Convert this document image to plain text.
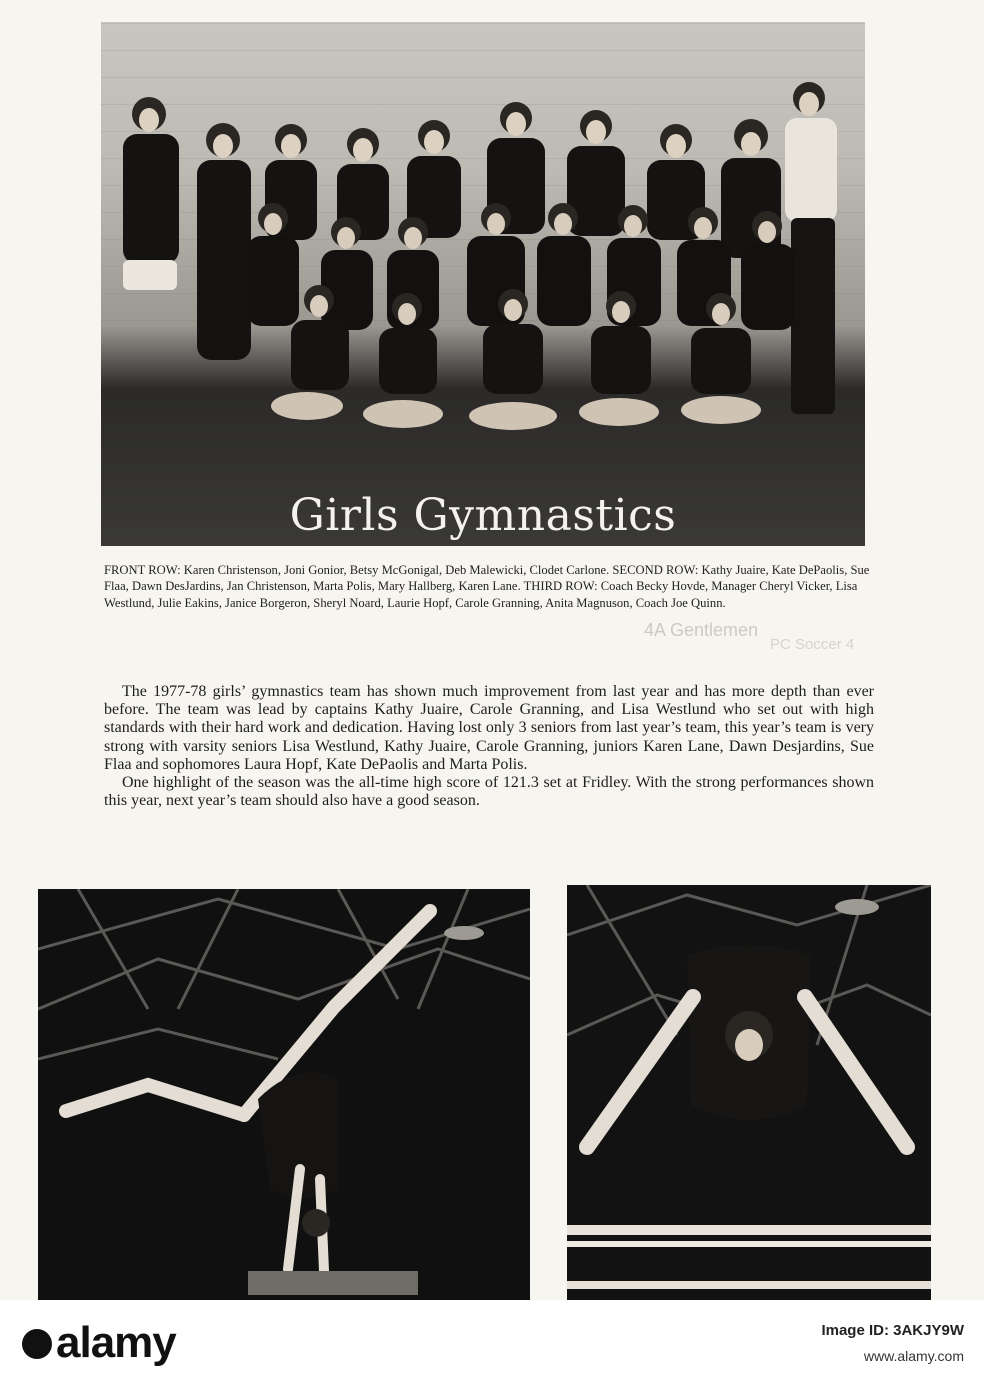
Girls Gymnastics
FRONT ROW: Karen Christenson, Joni Gonior, Betsy McGonigal, Deb Malewicki, Clodet Carlone. SECOND ROW: Kathy Juaire, Kate DePaolis, Sue Flaa, Dawn DesJardins, Jan Christenson, Marta Polis, Mary Hallberg, Karen Lane. THIRD ROW: Coach Becky Hovde, Manager Cheryl Vicker, Lisa Westlund, Julie Eakins, Janice Borgeron, Sheryl Noard, Laurie Hopf, Carole Granning, Anita Magnuson, Coach Joe Quinn.
4A Gentlemen
PC Soccer 4

The 1977-78 girls’ gymnastics team has shown much improvement from last year and has more depth than ever before. The team was lead by captains Kathy Juaire, Carole Granning, and Lisa Westlund who set out with high standards with their hard work and dedication. Having lost only 3 seniors from last year’s team, this year’s team is very strong with varsity seniors Lisa Westlund, Kathy Juaire, Carole Granning, juniors Karen Lane, Dawn Desjardins, Sue Flaa and sophomores Laura Hopf, Kate DePaolis and Marta Polis.

One highlight of the season was the all-time high score of 121.3 set at Fridley. With the strong performances shown this year, next year’s team should also have a good season.

alamy	Image ID: 3AKJY9W
www.alamy.com
